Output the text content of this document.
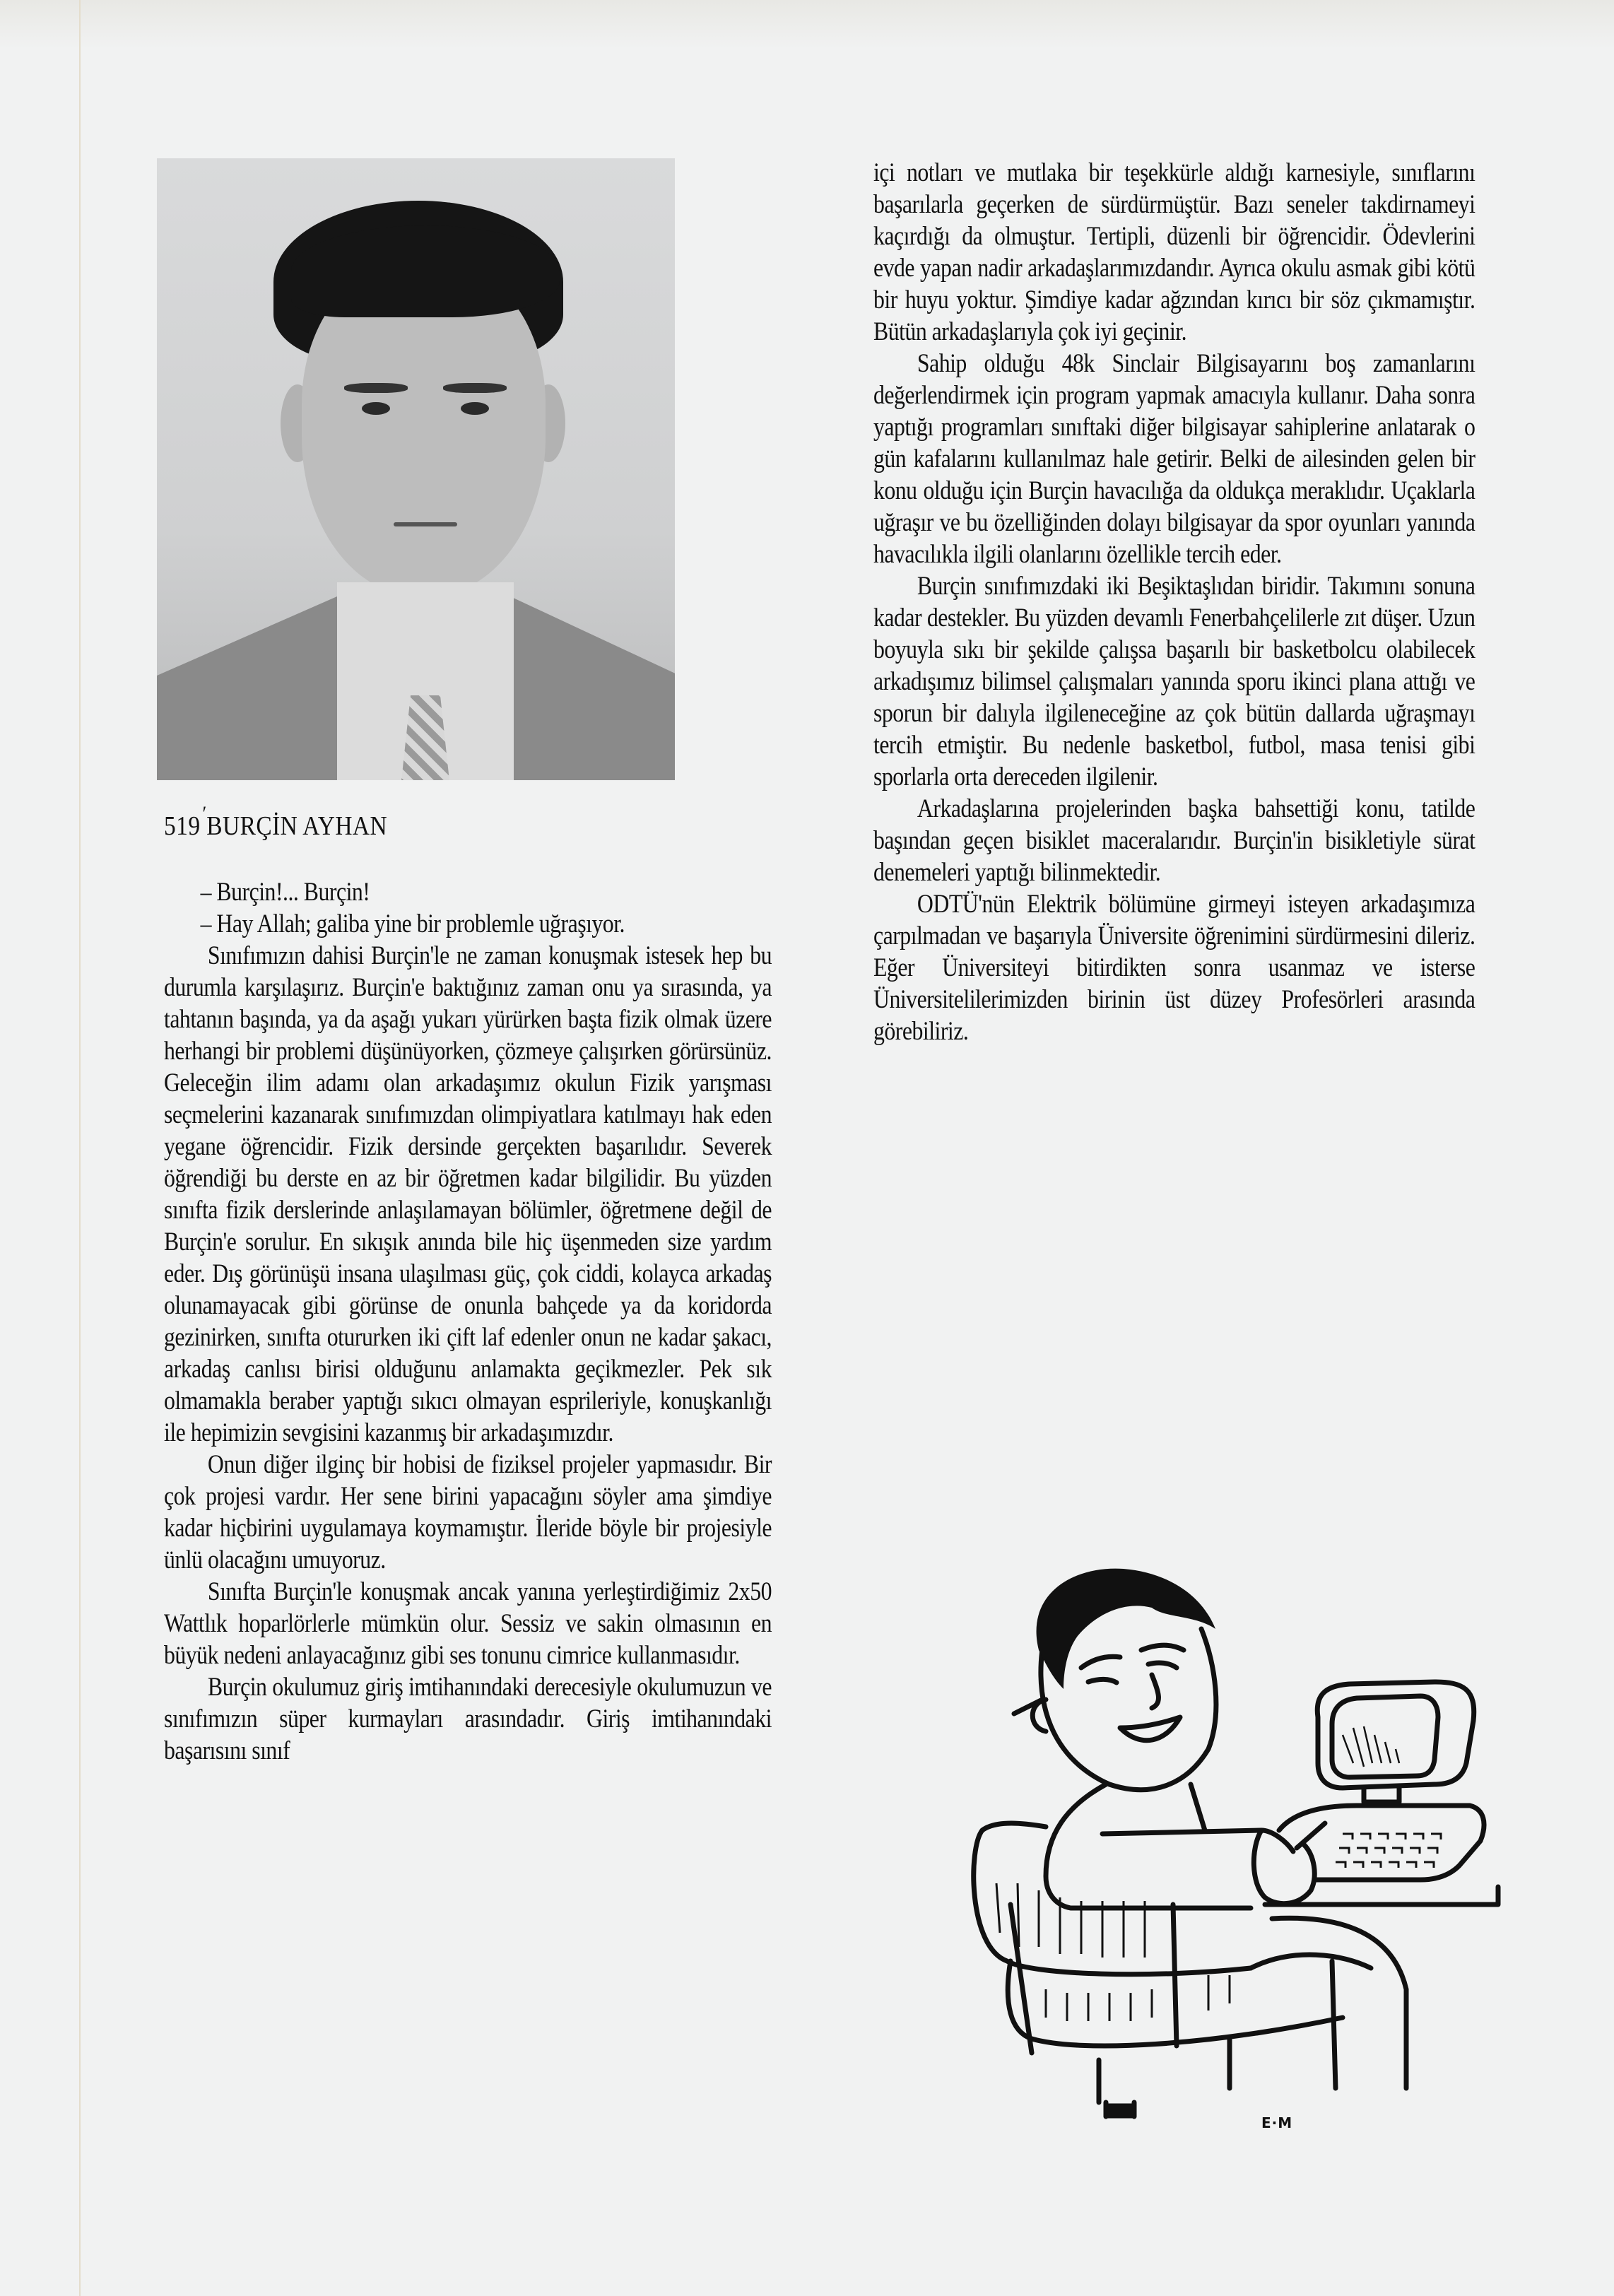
ʹ
519 BURÇİN AYHAN

– Burçin!... Burçin!

– Hay Allah; galiba yine bir problemle uğraşıyor.

Sınıfımızın dahisi Burçin'le ne zaman konuşmak istesek hep bu durumla karşılaşırız. Burçin'e baktığınız zaman onu ya sırasında, ya tahtanın başında, ya da aşağı yukarı yürürken başta fizik olmak üzere herhangi bir problemi düşünüyorken, çözmeye çalışırken görürsünüz. Geleceğin ilim adamı olan arkadaşımız okulun Fizik yarışması seçmelerini kazanarak sınıfımızdan olimpiyatlara katılmayı hak eden yegane öğrencidir. Fizik dersinde gerçekten başarılıdır. Severek öğrendiği bu derste en az bir öğretmen kadar bilgilidir. Bu yüzden sınıfta fizik derslerinde anlaşılamayan bölümler, öğretmene değil de Burçin'e sorulur. En sıkışık anında bile hiç üşenmeden size yardım eder. Dış görünüşü insana ulaşılması güç, çok ciddi, kolayca arkadaş olunamayacak gibi görünse de onunla bahçede ya da koridorda gezinirken, sınıfta otururken iki çift laf edenler onun ne kadar şakacı, arkadaş canlısı birisi olduğunu anlamakta geçikmezler. Pek sık olmamakla beraber yaptığı sıkıcı olmayan esprileriyle, konuşkanlığı ile hepimizin sevgisini kazanmış bir arkadaşımızdır.

Onun diğer ilginç bir hobisi de fiziksel projeler yapmasıdır. Bir çok projesi vardır. Her sene birini yapacağını söyler ama şimdiye kadar hiçbirini uygulamaya koymamıştır. İleride böyle bir projesiyle ünlü olacağını umuyoruz.

Sınıfta Burçin'le konuşmak ancak yanına yerleştirdiğimiz 2x50 Wattlık hoparlörlerle mümkün olur. Sessiz ve sakin olmasının en büyük nedeni anlayacağınız gibi ses tonunu cimrice kullanmasıdır.

Burçin okulumuz giriş imtihanındaki derecesiyle okulumuzun ve sınıfımızın süper kurmayları arasındadır. Giriş imtihanındaki başarısını sınıf

içi notları ve mutlaka bir teşekkürle aldığı karnesiyle, sınıflarını başarılarla geçerken de sürdürmüştür. Bazı seneler takdirnameyi kaçırdığı da olmuştur. Tertipli, düzenli bir öğrencidir. Ödevlerini evde yapan nadir arkadaşlarımızdandır. Ayrıca okulu asmak gibi kötü bir huyu yoktur. Şimdiye kadar ağzından kırıcı bir söz çıkmamıştır. Bütün arkadaşlarıyla çok iyi geçinir.

Sahip olduğu 48k Sinclair Bilgisayarını boş zamanlarını değerlendirmek için program yapmak amacıyla kullanır. Daha sonra yaptığı programları sınıftaki diğer bilgisayar sahiplerine anlatarak o gün kafalarını kullanılmaz hale getirir. Belki de ailesinden gelen bir konu olduğu için Burçin havacılığa da oldukça meraklıdır. Uçaklarla uğraşır ve bu özelliğinden dolayı bilgisayar da spor oyunları yanında havacılıkla ilgili olanlarını özellikle tercih eder.

Burçin sınıfımızdaki iki Beşiktaşlıdan biridir. Takımını sonuna kadar destekler. Bu yüzden devamlı Fenerbahçelilerle zıt düşer. Uzun boyuyla sıkı bir şekilde çalışsa başarılı bir basketbolcu olabilecek arkadışımız bilimsel çalışmaları yanında sporu ikinci plana attığı ve sporun bir dalıyla ilgileneceğine az çok bütün dallarda uğraşmayı tercih etmiştir. Bu nedenle basketbol, futbol, masa tenisi gibi sporlarla orta dereceden ilgilenir.

Arkadaşlarına projelerinden başka bahsettiği konu, tatilde başından geçen bisiklet maceralarıdır. Burçin'in bisikletiyle sürat denemeleri yaptığı bilinmektedir.

ODTÜ'nün Elektrik bölümüne girmeyi isteyen arkadaşımıza çarpılmadan ve başarıyla Üniversite öğrenimini sürdürmesini dileriz. Eğer Üniversiteyi bitirdikten sonra usanmaz ve isterse Üniversitelilerimizden birinin üst düzey Profesörleri arasında görebiliriz.

E·M
